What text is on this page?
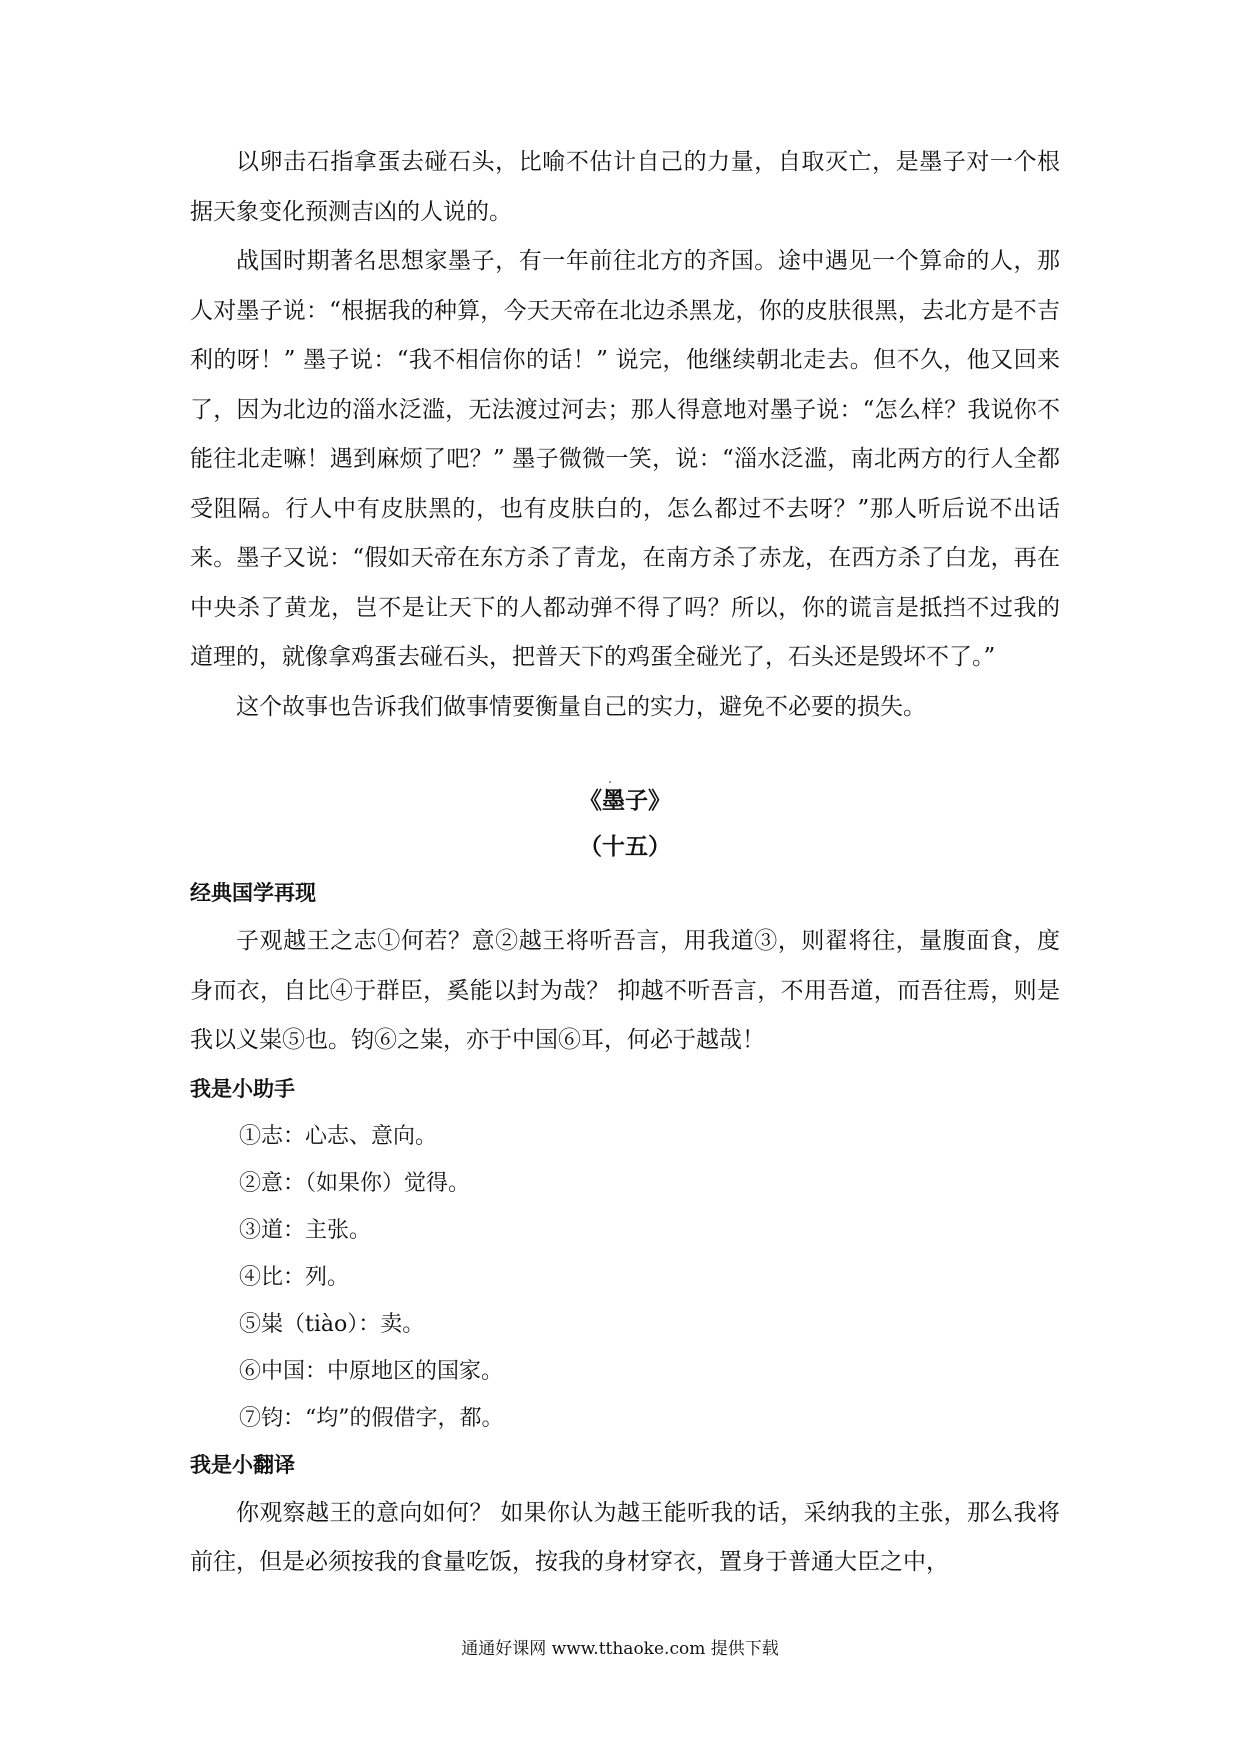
以卵击石指拿蛋去碰石头，比喻不估计自己的力量，自取灭亡，是墨子对一个根据天象变化预测吉凶的人说的。

战国时期著名思想家墨子，有一年前往北方的齐国。途中遇见一个算命的人，那人对墨子说：“根据我的种算，今天天帝在北边杀黑龙，你的皮肤很黑，去北方是不吉利的呀！” 墨子说：“我不相信你的话！” 说完，他继续朝北走去。但不久，他又回来了，因为北边的淄水泛滥，无法渡过河去；那人得意地对墨子说：“怎么样？我说你不能往北走嘛！遇到麻烦了吧？” 墨子微微一笑，说：“淄水泛滥，南北两方的行人全都受阻隔。行人中有皮肤黑的，也有皮肤白的，怎么都过不去呀？”那人听后说不出话来。墨子又说：“假如天帝在东方杀了青龙，在南方杀了赤龙，在西方杀了白龙，再在中央杀了黄龙，岂不是让天下的人都动弹不得了吗？所以，你的谎言是抵挡不过我的道理的，就像拿鸡蛋去碰石头，把普天下的鸡蛋全碰光了，石头还是毁坏不了。”

这个故事也告诉我们做事情要衡量自己的实力，避免不必要的损失。

《墨子》

（十五）

经典国学再现

子观越王之志①何若？意②越王将听吾言，用我道③，则翟将往，量腹面食，度身而衣，自比④于群臣，奚能以封为哉？ 抑越不听吾言，不用吾道，而吾往焉，则是我以义粜⑤也。钧⑥之粜，亦于中国⑥耳，何必于越哉！

我是小助手

①志：心志、意向。
②意：（如果你）觉得。
③道：主张。
④比：列。
⑤粜（tiào）：卖。
⑥中国：中原地区的国家。
⑦钧：“均”的假借字，都。

我是小翻译

你观察越王的意向如何？ 如果你认为越王能听我的话，采纳我的主张，那么我将前往，但是必须按我的食量吃饭，按我的身材穿衣，置身于普通大臣之中，

通通好课网 www.tthaoke.com 提供下载
